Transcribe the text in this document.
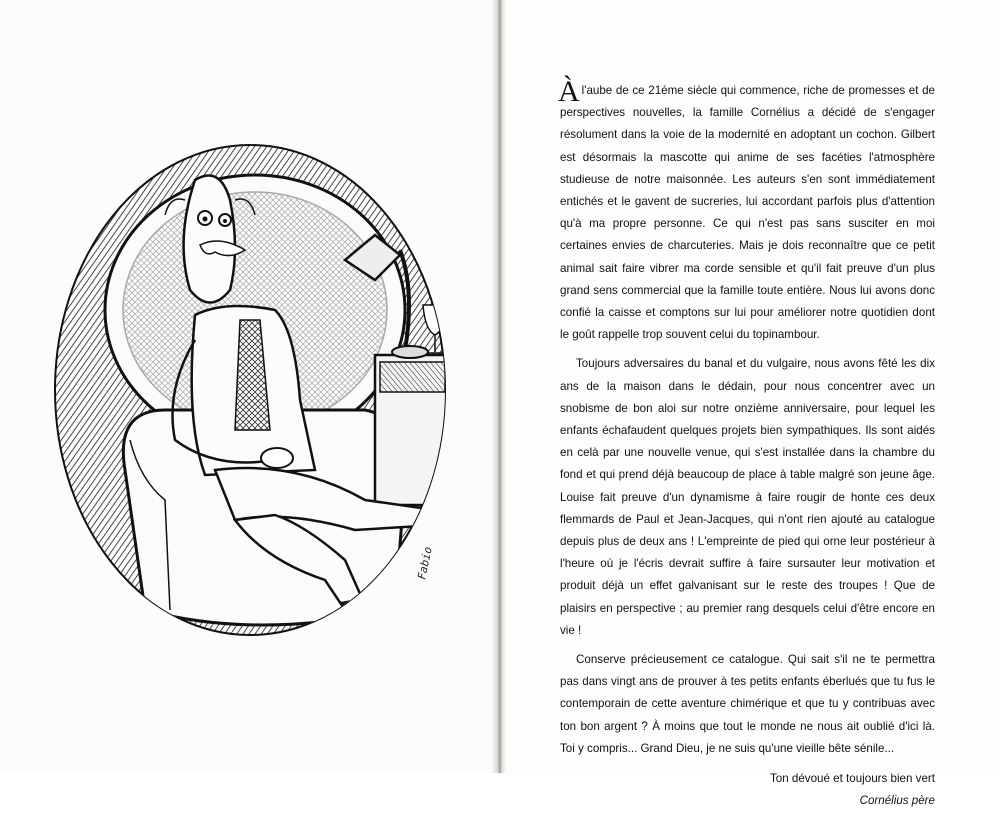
Fabio

À l'aube de ce 21éme siècle qui commence, riche de promesses et de perspectives nouvelles, la famille Cornélius a décidé de s'engager résolument dans la voie de la modernité en adoptant un cochon. Gilbert est désormais la mascotte qui anime de ses facéties l'atmosphère studieuse de notre maisonnée. Les auteurs s'en sont immédiatement entichés et le gavent de sucreries, lui accordant parfois plus d'attention qu'à ma propre personne. Ce qui n'est pas sans susciter en moi certaines envies de charcuteries. Mais je dois reconnaître que ce petit animal sait faire vibrer ma corde sensible et qu'il fait preuve d'un plus grand sens commercial que la famille toute entière. Nous lui avons donc confié la caisse et comptons sur lui pour améliorer notre quotidien dont le goût rappelle trop souvent celui du topinambour.

Toujours adversaires du banal et du vulgaire, nous avons fêté les dix ans de la maison dans le dédain, pour nous concentrer avec un snobisme de bon aloi sur notre onzième anniversaire, pour lequel les enfants échafaudent quelques projets bien sympathiques. Ils sont aidés en celà par une nouvelle venue, qui s'est installée dans la chambre du fond et qui prend déjà beaucoup de place à table malgré son jeune âge. Louise fait preuve d'un dynamisme à faire rougir de honte ces deux flemmards de Paul et Jean-Jacques, qui n'ont rien ajouté au catalogue depuis plus de deux ans ! L'empreinte de pied qui orne leur postérieur à l'heure où je l'écris devrait suffire à faire sursauter leur motivation et produit déjà un effet galvanisant sur le reste des troupes ! Que de plaisirs en perspective ; au premier rang desquels celui d'être encore en vie !

Conserve précieusement ce catalogue. Qui sait s'il ne te permettra pas dans vingt ans de prouver à tes petits enfants éberlués que tu fus le contemporain de cette aventure chimérique et que tu y contribuas avec ton bon argent ? À moins que tout le monde ne nous ait oublié d'ici là. Toi y compris... Grand Dieu, je ne suis qu'une vieille bête sénile...

Ton dévoué et toujours bien vert
Cornélius père
